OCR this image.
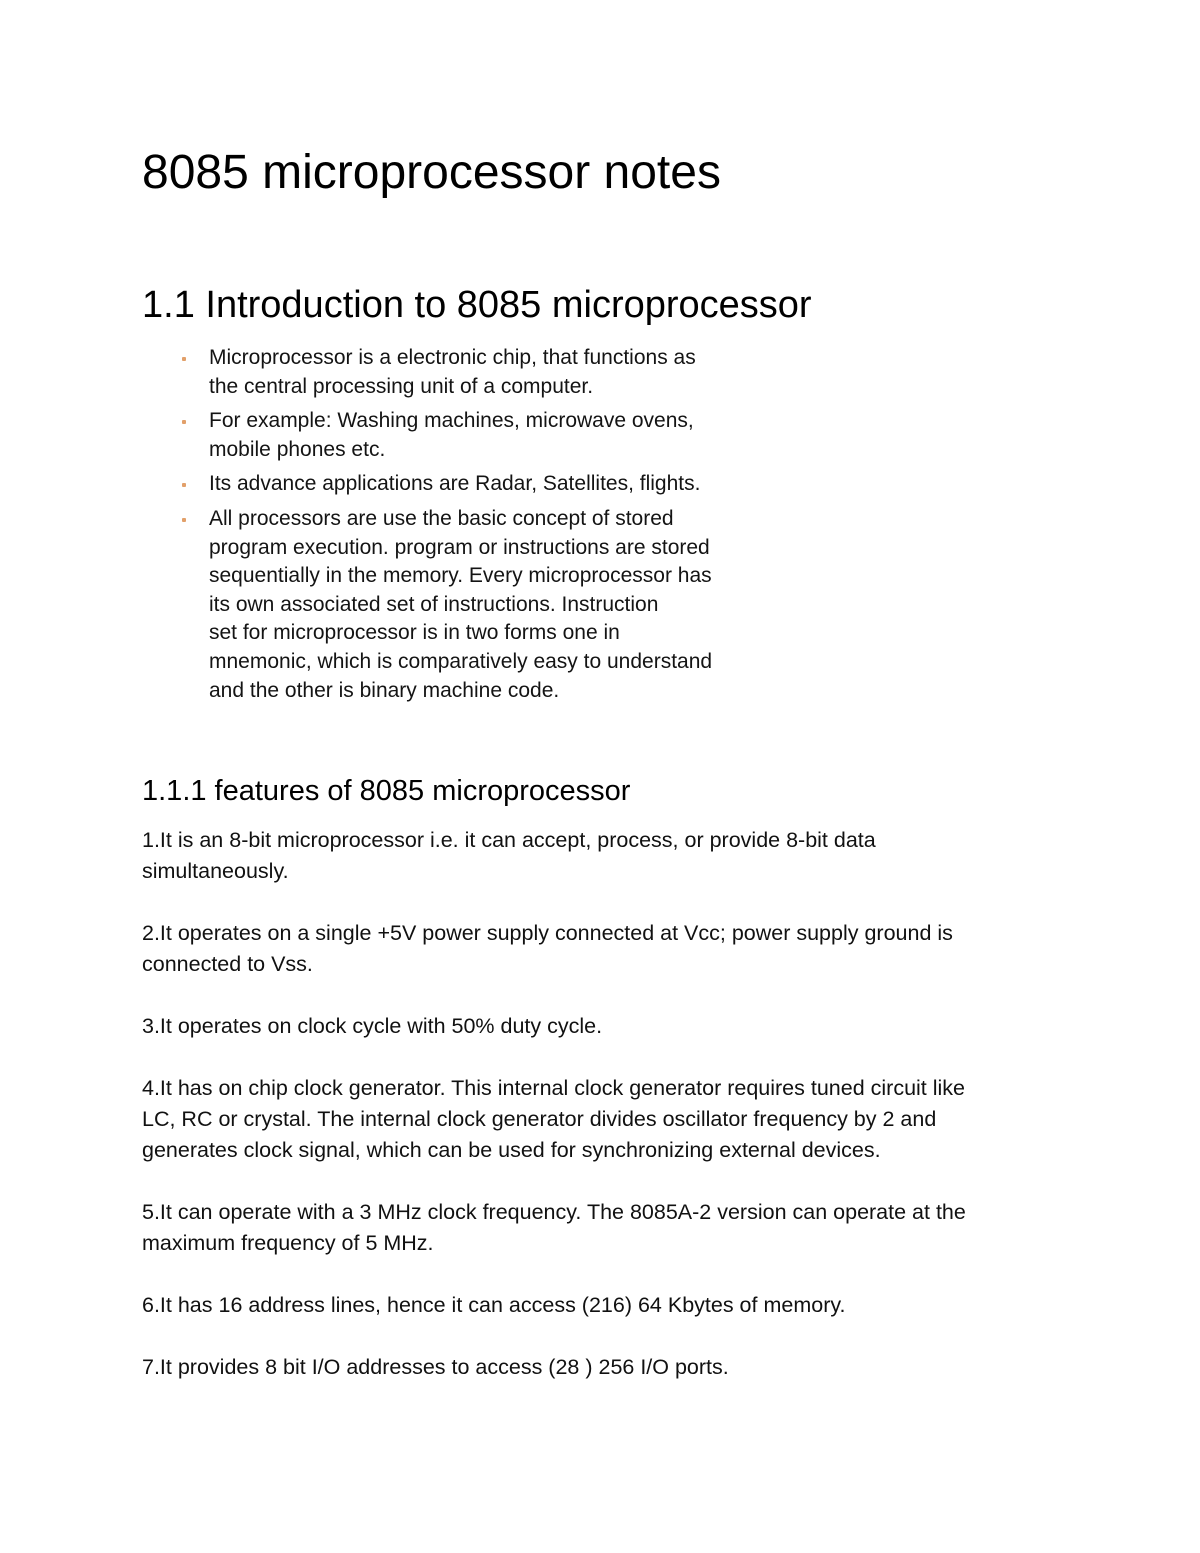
8085 microprocessor notes
1.1 Introduction to 8085 microprocessor
Microprocessor is a electronic chip, that functions as
the central processing unit of a computer.
For example: Washing machines, microwave ovens,
mobile phones etc.
Its advance applications are Radar, Satellites, flights.
All processors are use the basic concept of stored
program execution. program or instructions are stored
sequentially in the memory. Every microprocessor has
its own associated set of instructions. Instruction
set for microprocessor is in two forms one in
mnemonic, which is comparatively easy to understand
and the other is binary machine code.
1.1.1 features of 8085 microprocessor

1.It is an 8-bit microprocessor i.e. it can accept, process, or provide 8-bit data
simultaneously.

2.It operates on a single +5V power supply connected at Vcc; power supply ground is
connected to Vss.

3.It operates on clock cycle with 50% duty cycle.

4.It has on chip clock generator. This internal clock generator requires tuned circuit like
LC, RC or crystal. The internal clock generator divides oscillator frequency by 2 and
generates clock signal, which can be used for synchronizing external devices.

5.It can operate with a 3 MHz clock frequency. The 8085A-2 version can operate at the
maximum frequency of 5 MHz.

6.It has 16 address lines, hence it can access (216) 64 Kbytes of memory.

7.It provides 8 bit I/O addresses to access (28 ) 256 I/O ports.
